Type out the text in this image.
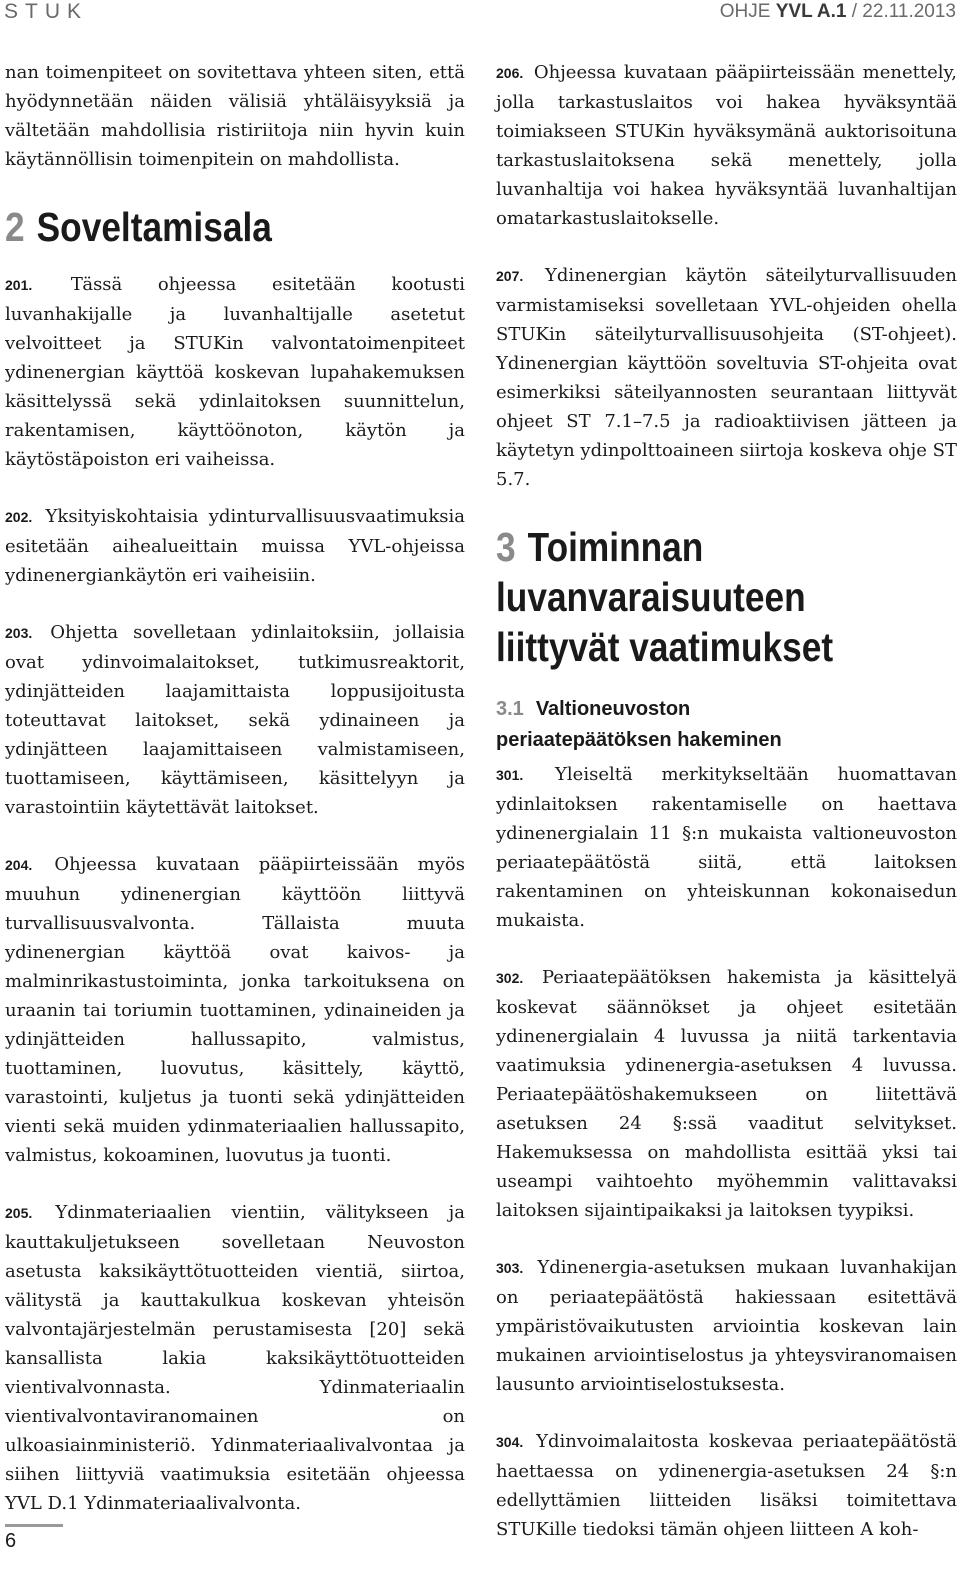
STUK	OHJE YVL A.1 / 22.11.2013

nan toimenpiteet on sovitettava yhteen siten, että hyödynnetään näiden välisiä yhtäläisyyksiä ja vältetään mahdollisia ristiriitoja niin hyvin kuin käytännöllisin toimenpitein on mahdollista.

2 Soveltamisala

201. Tässä ohjeessa esitetään kootusti luvanhakijalle ja luvanhaltijalle asetetut velvoitteet ja STUKin valvontatoimenpiteet ydinenergian käyttöä koskevan lupahakemuksen käsittelyssä sekä ydinlaitoksen suunnittelun, rakentamisen, käyttöönoton, käytön ja käytöstäpoiston eri vaiheissa.

202. Yksityiskohtaisia ydinturvallisuusvaatimuksia esitetään aihealueittain muissa YVL-ohjeissa ydinenergiankäytön eri vaiheisiin.

203. Ohjetta sovelletaan ydinlaitoksiin, jollaisia ovat ydinvoimalaitokset, tutkimusreaktorit, ydinjätteiden laajamittaista loppusijoitusta toteuttavat laitokset, sekä ydinaineen ja ydinjätteen laajamittaiseen valmistamiseen, tuottamiseen, käyttämiseen, käsittelyyn ja varastointiin käytettävät laitokset.

204. Ohjeessa kuvataan pääpiirteissään myös muuhun ydinenergian käyttöön liittyvä turvallisuusvalvonta. Tällaista muuta ydinenergian käyttöä ovat kaivos- ja malminrikastustoiminta, jonka tarkoituksena on uraanin tai toriumin tuottaminen, ydinaineiden ja ydinjätteiden hallussapito, valmistus, tuottaminen, luovutus, käsittely, käyttö, varastointi, kuljetus ja tuonti sekä ydinjätteiden vienti sekä muiden ydinmateriaalien hallussapito, valmistus, kokoaminen, luovutus ja tuonti.

205. Ydinmateriaalien vientiin, välitykseen ja kauttakuljetukseen sovelletaan Neuvoston asetusta kaksikäyttötuotteiden vientiä, siirtoa, välitystä ja kauttakulkua koskevan yhteisön valvontajärjestelmän perustamisesta [20] sekä kansallista lakia kaksikäyttötuotteiden vientivalvonnasta. Ydinmateriaalin vientivalvontaviranomainen on ulkoasiainministeriö. Ydinmateriaalivalvontaa ja siihen liittyviä vaatimuksia esitetään ohjeessa YVL D.1 Ydinmateriaalivalvonta.

206. Ohjeessa kuvataan pääpiirteissään menettely, jolla tarkastuslaitos voi hakea hyväksyntää toimiakseen STUKin hyväksymänä auktorisoituna tarkastuslaitoksena sekä menettely, jolla luvanhaltija voi hakea hyväksyntää luvanhaltijan omatarkastuslaitokselle.

207. Ydinenergian käytön säteilyturvallisuuden varmistamiseksi sovelletaan YVL-ohjeiden ohella STUKin säteilyturvallisuusohjeita (ST-ohjeet). Ydinenergian käyttöön soveltuvia ST-ohjeita ovat esimerkiksi säteilyannosten seurantaan liittyvät ohjeet ST 7.1–7.5 ja radioaktiivisen jätteen ja käytetyn ydinpolttoaineen siirtoja koskeva ohje ST 5.7.

3 Toiminnan
luvanvaraisuuteen
liittyvät vaatimukset
3.1 Valtioneuvoston
periaatepäätöksen hakeminen

301. Yleiseltä merkitykseltään huomattavan ydinlaitoksen rakentamiselle on haettava ydinenergialain 11 §:n mukaista valtioneuvoston periaatepäätöstä siitä, että laitoksen rakentaminen on yhteiskunnan kokonaisedun mukaista.

302. Periaatepäätöksen hakemista ja käsittelyä koskevat säännökset ja ohjeet esitetään ydinenergialain 4 luvussa ja niitä tarkentavia vaatimuksia ydinenergia-asetuksen 4 luvussa. Periaatepäätöshakemukseen on liitettävä asetuksen 24 §:ssä vaaditut selvitykset. Hakemuksessa on mahdollista esittää yksi tai useampi vaihtoehto myöhemmin valittavaksi laitoksen sijaintipaikaksi ja laitoksen tyypiksi.

303. Ydinenergia-asetuksen mukaan luvanhakijan on periaatepäätöstä hakiessaan esitettävä ympäristövaikutusten arviointia koskevan lain mukainen arviointiselostus ja yhteysviranomaisen lausunto arviointiselostuksesta.

304. Ydinvoimalaitosta koskevaa periaatepäätöstä haettaessa on ydinenergia-asetuksen 24 §:n edellyttämien liitteiden lisäksi toimitettava STUKille tiedoksi tämän ohjeen liitteen A koh-

6
